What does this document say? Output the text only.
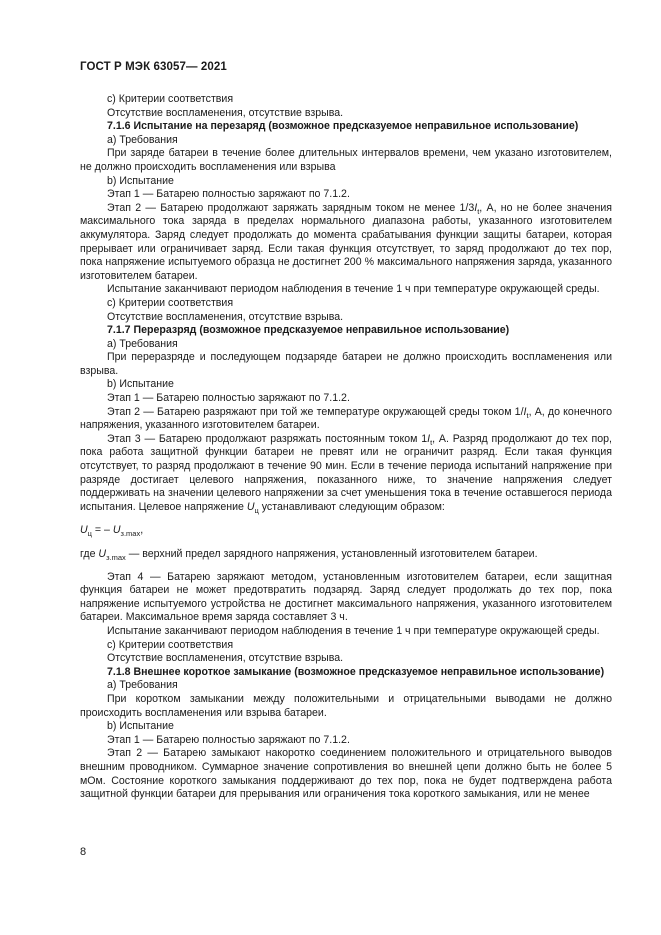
ГОСТ Р МЭК 63057— 2021

c) Критерии соответствия

Отсутствие воспламенения, отсутствие взрыва.

7.1.6 Испытание на перезаряд (возможное предсказуемое неправильное использование)

а) Требования

При заряде батареи в течение более длительных интервалов времени, чем указано изготовителем, не должно происходить воспламенения или взрыва

b) Испытание

Этап 1 — Батарею полностью заряжают по 7.1.2.

Этап 2 — Батарею продолжают заряжать зарядным током не менее $1/3I_t$, А, но не более значения максимального тока заряда в пределах нормального диапазона работы, указанного изготовителем аккумулятора. Заряд следует продолжать до момента срабатывания функции защиты батареи, которая прерывает или ограничивает заряд. Если такая функция отсутствует, то заряд продолжают до тех пор, пока напряжение испытуемого образца не достигнет 200 % максимального напряжения заряда, указанного изготовителем батареи.

Испытание заканчивают периодом наблюдения в течение 1 ч при температуре окружающей среды.

c) Критерии соответствия

Отсутствие воспламенения, отсутствие взрыва.

7.1.7 Переразряд (возможное предсказуемое неправильное использование)

а) Требования

При переразряде и последующем подзаряде батареи не должно происходить воспламенения или взрыва.

b) Испытание

Этап 1 — Батарею полностью заряжают по 7.1.2.

Этап 2 — Батарею разряжают при той же температуре окружающей среды током $1/I_t$, А, до конечного напряжения, указанного изготовителем батареи.

Этап 3 — Батарею продолжают разряжать постоянным током $1I_t$, А. Разряд продолжают до тех пор, пока работа защитной функции батареи не превят или не ограничит разряд. Если такая функция отсутствует, то разряд продолжают в течение 90 мин. Если в течение периода испытаний напряжение при разряде достигает целевого напряжения, показанного ниже, то значение напряжения следует поддерживать на значении целевого напряжении за счет уменьшения тока в течение оставшегося периода испытания. Целевое напряжение $U_ц$ устанавливают следующим образом:

$U_ц$ = – $U_{з.max}$,

где $U_{з.max}$ — верхний предел зарядного напряжения, установленный изготовителем батареи.

Этап 4 — Батарею заряжают методом, установленным изготовителем батареи, если защитная функция батареи не может предотвратить подзаряд. Заряд следует продолжать до тех пор, пока напряжение испытуемого устройства не достигнет максимального напряжения, указанного изготовителем батареи. Максимальное время заряда составляет 3 ч.

Испытание заканчивают периодом наблюдения в течение 1 ч при температуре окружающей среды.

c) Критерии соответствия

Отсутствие воспламенения, отсутствие взрыва.

7.1.8 Внешнее короткое замыкание (возможное предсказуемое неправильное использование)

а) Требования

При коротком замыкании между положительными и отрицательными выводами не должно происходить воспламенения или взрыва батареи.

b) Испытание

Этап 1 — Батарею полностью заряжают по 7.1.2.

Этап 2 — Батарею замыкают накоротко соединением положительного и отрицательного выводов внешним проводником. Суммарное значение сопротивления во внешней цепи должно быть не более 5 мОм. Состояние короткого замыкания поддерживают до тех пор, пока не будет подтверждена работа защитной функции батареи для прерывания или ограничения тока короткого замыкания, или не менее

8
